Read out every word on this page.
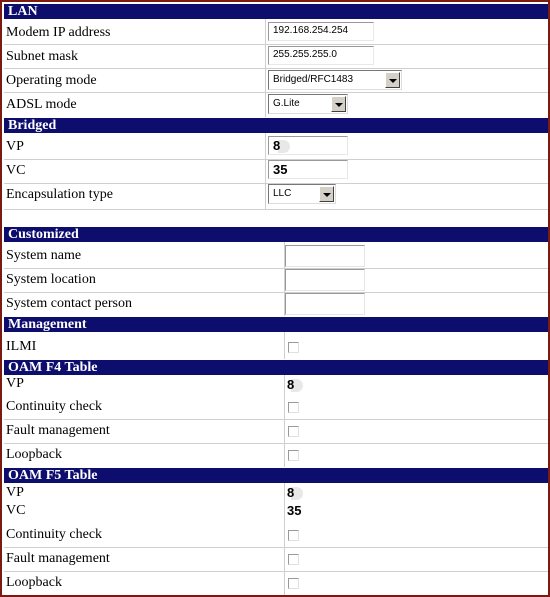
LAN
Modem IP address	192.168.254.254
Subnet mask	255.255.255.0
Operating mode	Bridged/RFC1483
ADSL mode	G.Lite
Bridged
VP	8
VC	35
Encapsulation type	LLC
Customized
System name
System location
System contact person
Management
ILMI
OAM F4 Table
VP	8
Continuity check
Fault management
Loopback
OAM F5 Table
VP	8
VC	35
Continuity check
Fault management
Loopback
